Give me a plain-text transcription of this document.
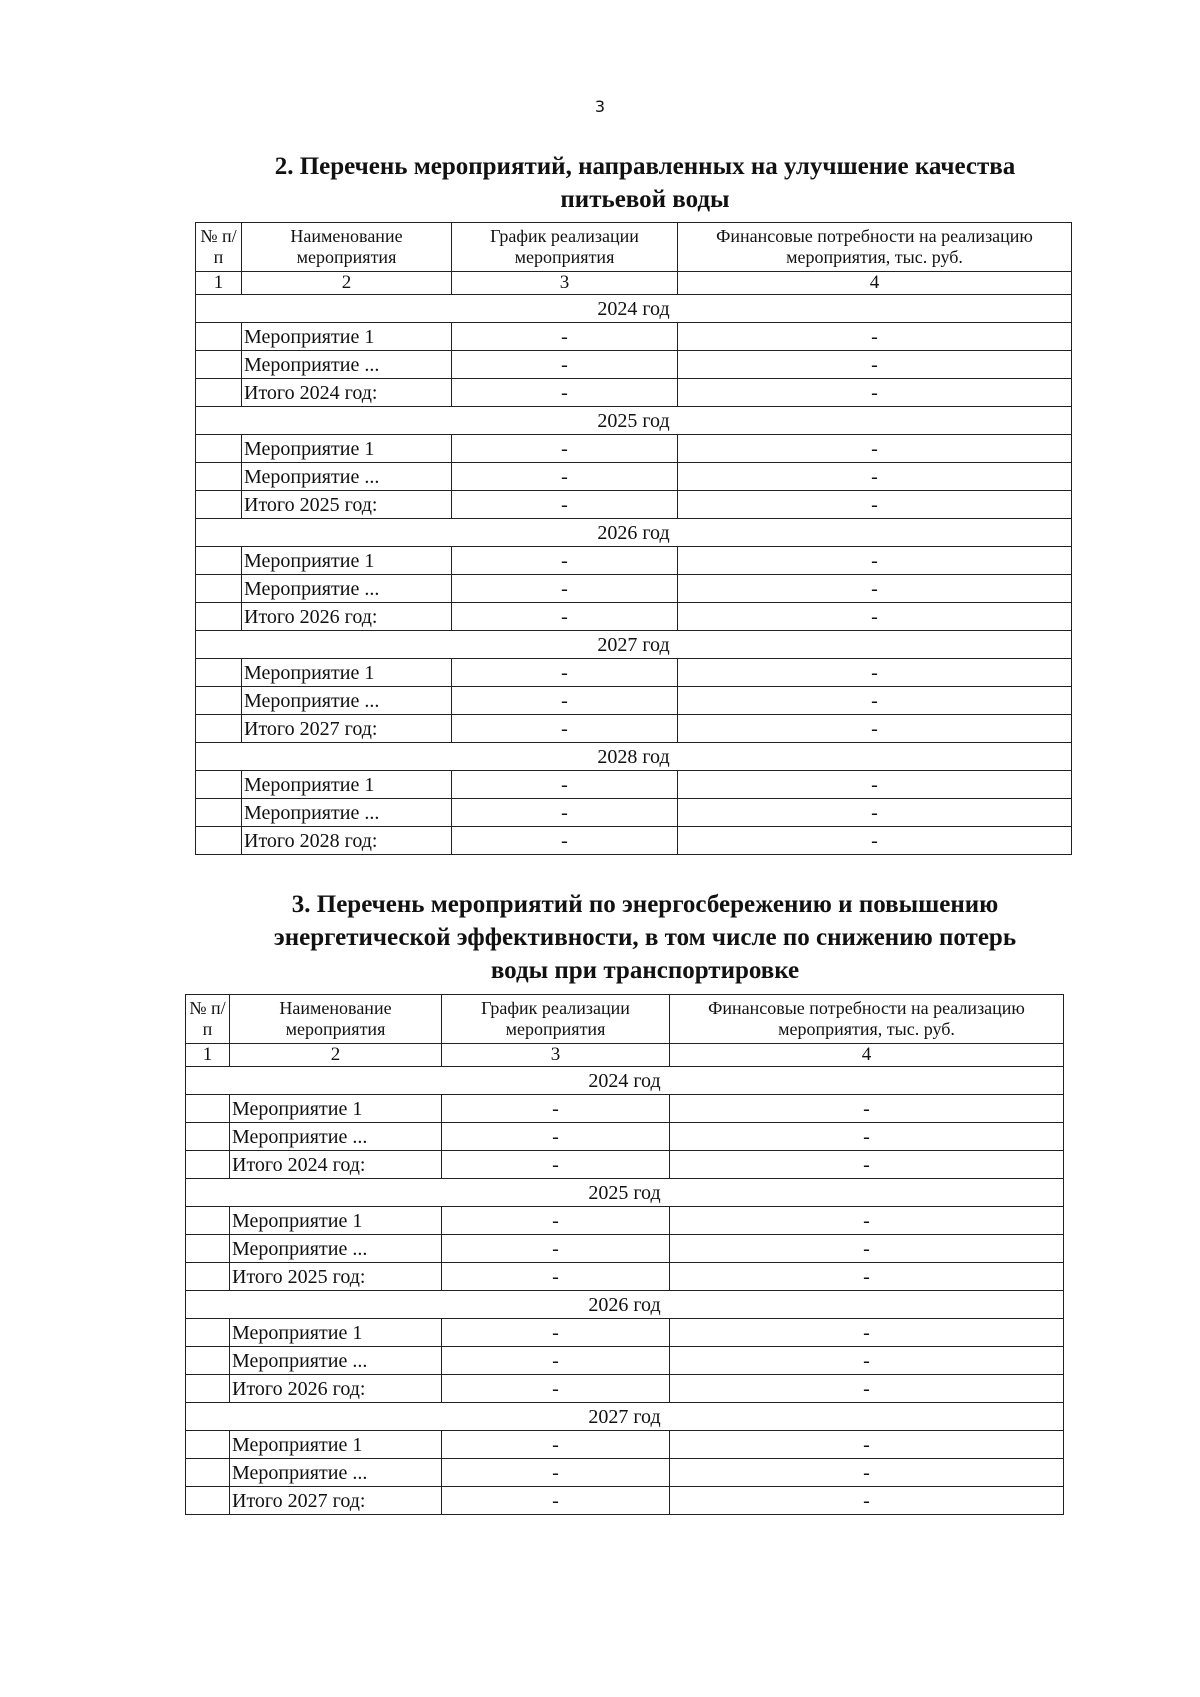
3
2. Перечень мероприятий, направленных на улучшение качества
питьевой воды
№ п/п	Наименование мероприятия	График реализации мероприятия	Финансовые потребности на реализацию мероприятия, тыс. руб.
1	2	3	4
2024 год			
	Мероприятие 1	-	-
	Мероприятие ...	-	-
	Итого 2024 год:	-	-
2025 год			
	Мероприятие 1	-	-
	Мероприятие ...	-	-
	Итого 2025 год:	-	-
2026 год			
	Мероприятие 1	-	-
	Мероприятие ...	-	-
	Итого 2026 год:	-	-
2027 год			
	Мероприятие 1	-	-
	Мероприятие ...	-	-
	Итого 2027 год:	-	-
2028 год			
	Мероприятие 1	-	-
	Мероприятие ...	-	-
	Итого 2028 год:	-	-
3. Перечень мероприятий по энергосбережению и повышению
энергетической эффективности, в том числе по снижению потерь
воды при транспортировке
№ п/п	Наименование мероприятия	График реализации мероприятия	Финансовые потребности на реализацию мероприятия, тыс. руб.
1	2	3	4
2024 год			
	Мероприятие 1	-	-
	Мероприятие ...	-	-
	Итого 2024 год:	-	-
2025 год			
	Мероприятие 1	-	-
	Мероприятие ...	-	-
	Итого 2025 год:	-	-
2026 год			
	Мероприятие 1	-	-
	Мероприятие ...	-	-
	Итого 2026 год:	-	-
2027 год			
	Мероприятие 1	-	-
	Мероприятие ...	-	-
	Итого 2027 год:	-	-
